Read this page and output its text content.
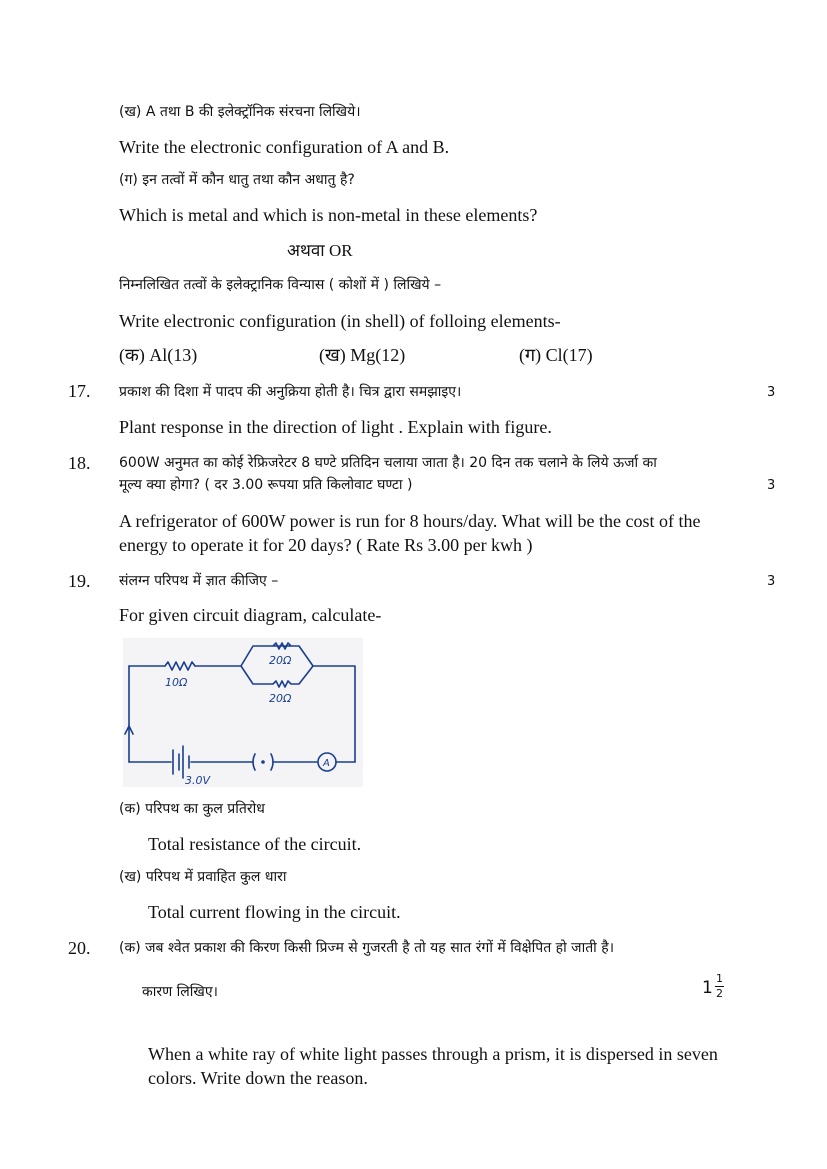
(ख) A तथा B की इलेक्ट्रॉनिक संरचना लिखिये।
Write the electronic configuration of A and B.
(ग) इन तत्वों में कौन धातु तथा कौन अधातु है?
Which is metal and which is non-metal in these elements?
अथवा OR
निम्नलिखित तत्वों के इलेक्ट्रानिक विन्यास ( कोशों में ) लिखिये –
Write electronic configuration (in shell) of folloing elements-
(क) Al(13)	(ख) Mg(12)	(ग) Cl(17)
17. प्रकाश की दिशा में पादप की अनुक्रिया होती है। चित्र द्वारा समझाइए।	3
Plant response in the direction of light . Explain with figure.
18. 600W अनुमत का कोई रेफ्रिजरेटर 8 घण्टे प्रतिदिन चलाया जाता है। 20 दिन तक चलाने के लिये ऊर्जा का
मूल्य क्या होगा? ( दर 3.00 रूपया प्रति किलोवाट घण्टा )	3
A refrigerator of 600W power is run for 8 hours/day. What will be the cost of the
energy to operate it for 20 days? ( Rate Rs 3.00 per kwh )
19. संलग्न परिपथ में ज्ञात कीजिए –	3
For given circuit diagram, calculate-
10Ω
20Ω
20Ω
3.0V
A
(क) परिपथ का कुल प्रतिरोध
Total resistance of the circuit.
(ख) परिपथ में प्रवाहित कुल धारा
Total current flowing in the circuit.
20. (क) जब श्वेत प्रकाश की किरण किसी प्रिज्म से गुजरती है तो यह सात रंगों में विक्षेपित हो जाती है।
कारण लिखिए।	1 1
2
When a white ray of white light passes through a prism, it is dispersed in seven
colors. Write down the reason.
